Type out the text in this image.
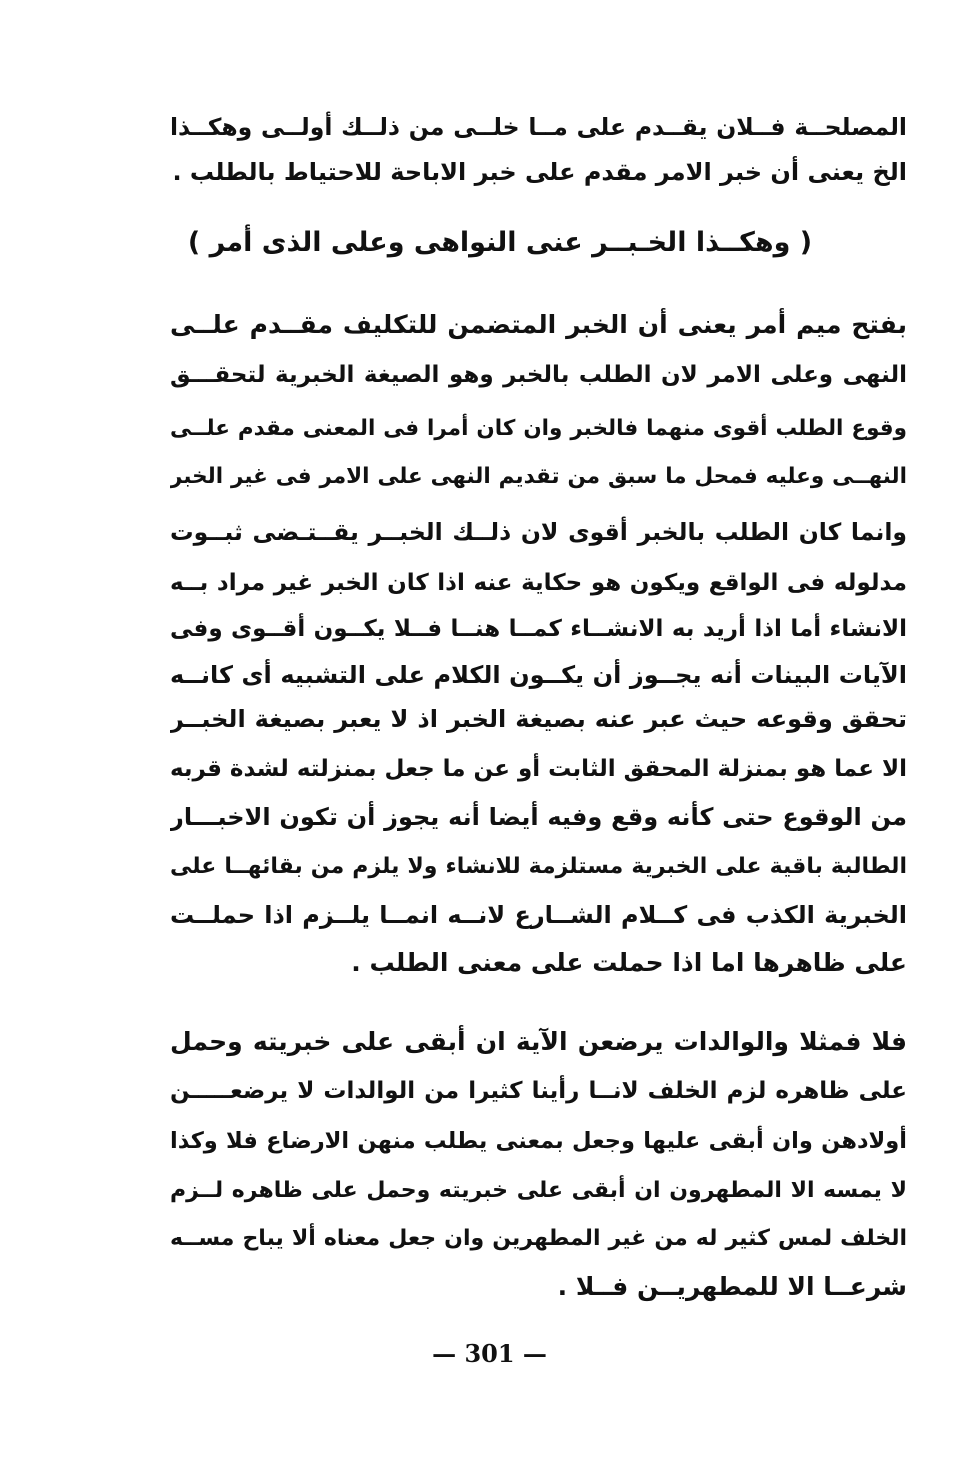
المصلحــة فــلان يقــدم على مــا خلــى من ذلــك أولــى وهكــذا
الخ يعنى أن خبر الامر مقدم على خبر الاباحة للاحتياط بالطلب .
( وهكــذا الخـبــر عنى النواهى وعلى الذى أمر )
بفتح ميم أمر يعنى أن الخبر المتضمن للتكليف مقــدم علــى
النهى وعلى الامر لان الطلب بالخبر وهو الصيغة الخبرية لتحقـــق
وقوع الطلب أقوى منهما فالخبر وان كان أمرا فى المعنى مقدم علــى
النهــى وعليه فمحل ما سبق من تقديم النهى على الامر فى غير الخبر
وانما كان الطلب بالخبر أقوى لان ذلــك الخبــر يقــتـضى ثبــوت
مدلوله فى الواقع ويكون هو حكاية عنه اذا كان الخبر غير مراد بــه
الانشاء أما اذا أريد به الانشــاء كمــا هنــا فــلا يكــون أقــوى وفى
الآيات البينات أنه يجــوز أن يكــون الكلام على التشبيه أى كانــه
تحقق وقوعه حيث عبر عنه بصيغة الخبر اذ لا يعبر بصيغة الخبــر
الا عما هو بمنزلة المحقق الثابت أو عن ما جعل بمنزلته لشدة قربه
من الوقوع حتى كأنه وقع وفيه أيضا أنه يجوز أن تكون الاخبـــار
الطالبة باقية على الخبرية مستلزمة للانشاء ولا يلزم من بقائهــا على
الخبرية الكذب فى كــلام الشــارع لانــه انمــا يلــزم اذا حملــت
على ظاهرها اما اذا حملت على معنى الطلب .
فلا فمثلا والوالدات يرضعن الآية ان أبقى على خبريته وحمل
على ظاهره لزم الخلف لانــا رأينا كثيرا من الوالدات لا يرضعـــــن
أولادهن وان أبقى عليها وجعل بمعنى يطلب منهن الارضاع فلا وكذا
لا يمسه الا المطهرون ان أبقى على خبريته وحمل على ظاهره لــزم
الخلف لمس كثير له من غير المطهرين وان جعل معناه ألا يباح مســه
شرعــا الا للمطهريــن فــلا .
— 301 —
